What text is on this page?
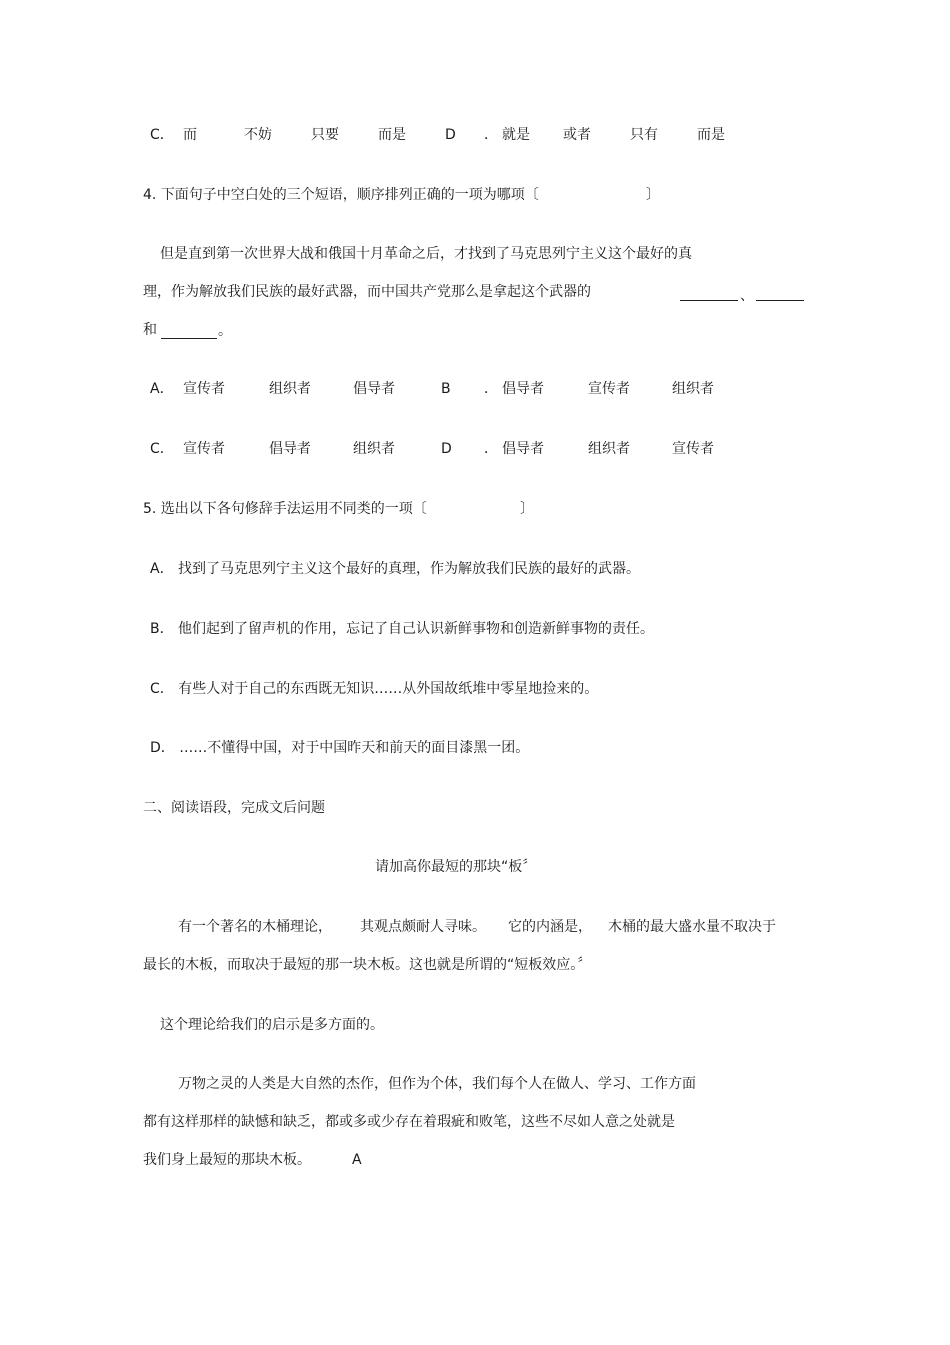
C． 而	不妨	只要	而是	D ． 就是 或者	只有	而是
4. 下面句子中空白处的三个短语，顺序排列正确的一项为哪项〔	〕
但是直到第一次世界大战和俄国十月革命之后，才找到了马克思列宁主义这个最好的真
理，作为解放我们民族的最好武器，而中国共产党那么是拿起这个武器的	、
和	。
A． 宣传者	组织者	倡导者	B ． 倡导者	宣传者	组织者
C． 宣传者	倡导者	组织者	D ． 倡导者	组织者	宣传者
5. 选出以下各句修辞手法运用不同类的一项〔	〕
A． 找到了马克思列宁主义这个最好的真理，作为解放我们民族的最好的武器。
B． 他们起到了留声机的作用，忘记了自己认识新鲜事物和创造新鲜事物的责任。
C． 有些人对于自己的东西既无知识……从外国故纸堆中零星地捡来的。
D． ……不懂得中国，对于中国昨天和前天的面目漆黑一团。
二、阅读语段，完成文后问题
请加高你最短的那块“板〞
有一个著名的木桶理论， 其观点颇耐人寻味。 它的内涵是， 木桶的最大盛水量不取决于
最长的木板，而取决于最短的那一块木板。这也就是所谓的“短板效应。〞
这个理论给我们的启示是多方面的。
万物之灵的人类是大自然的杰作，但作为个体，我们每个人在做人、学习、工作方面
都有这样那样的缺憾和缺乏，都或多或少存在着瑕疵和败笔，这些不尽如人意之处就是
我们身上最短的那块木板。	A
